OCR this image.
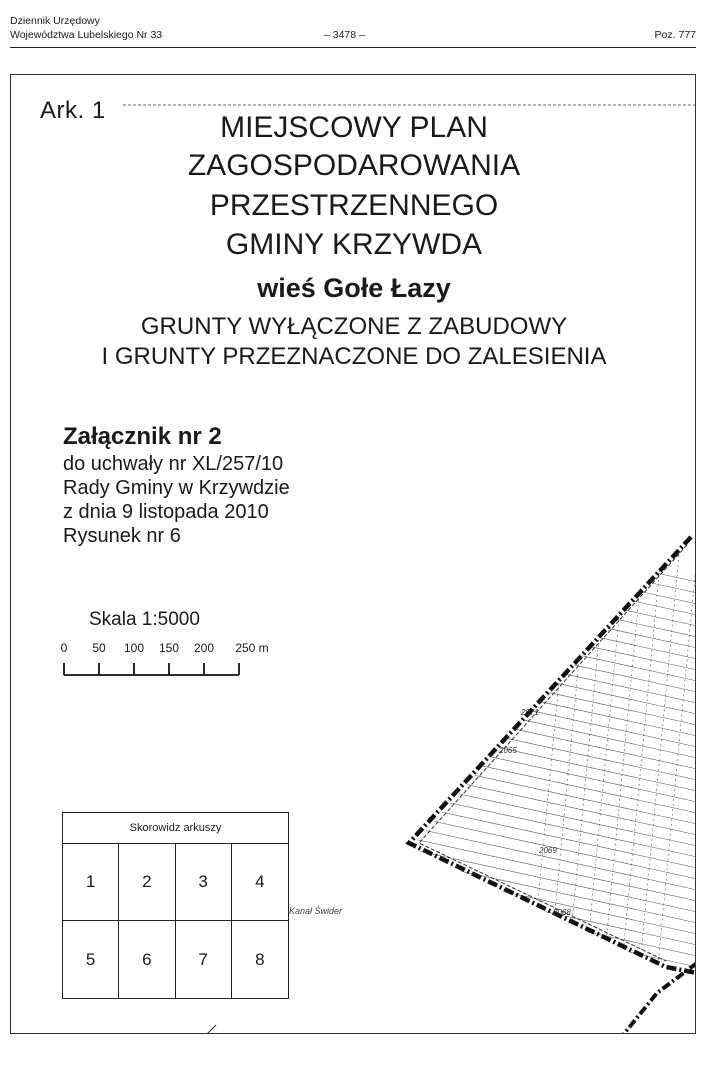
Dziennik Urzędowy
Województwa Lubelskiego Nr 33	– 3478 –	Poz. 777
2065
2071
2069
2068
Ark. 1
MIEJSCOWY PLAN
ZAGOSPODAROWANIA
PRZESTRZENNEGO
GMINY KRZYWDA
wieś Gołe Łazy
GRUNTY WYŁĄCZONE Z ZABUDOWY
I GRUNTY PRZEZNACZONE DO ZALESIENIA
Załącznik nr 2
do uchwały nr XL/257/10
Rady Gminy w Krzywdzie
z dnia 9 listopada 2010
Rysunek nr 6
Skala 1:5000
0 50 100 150 200 250 m
Skorowidz arkuszy
1	2	3	4
5	6	7	8
Kanał Świder
